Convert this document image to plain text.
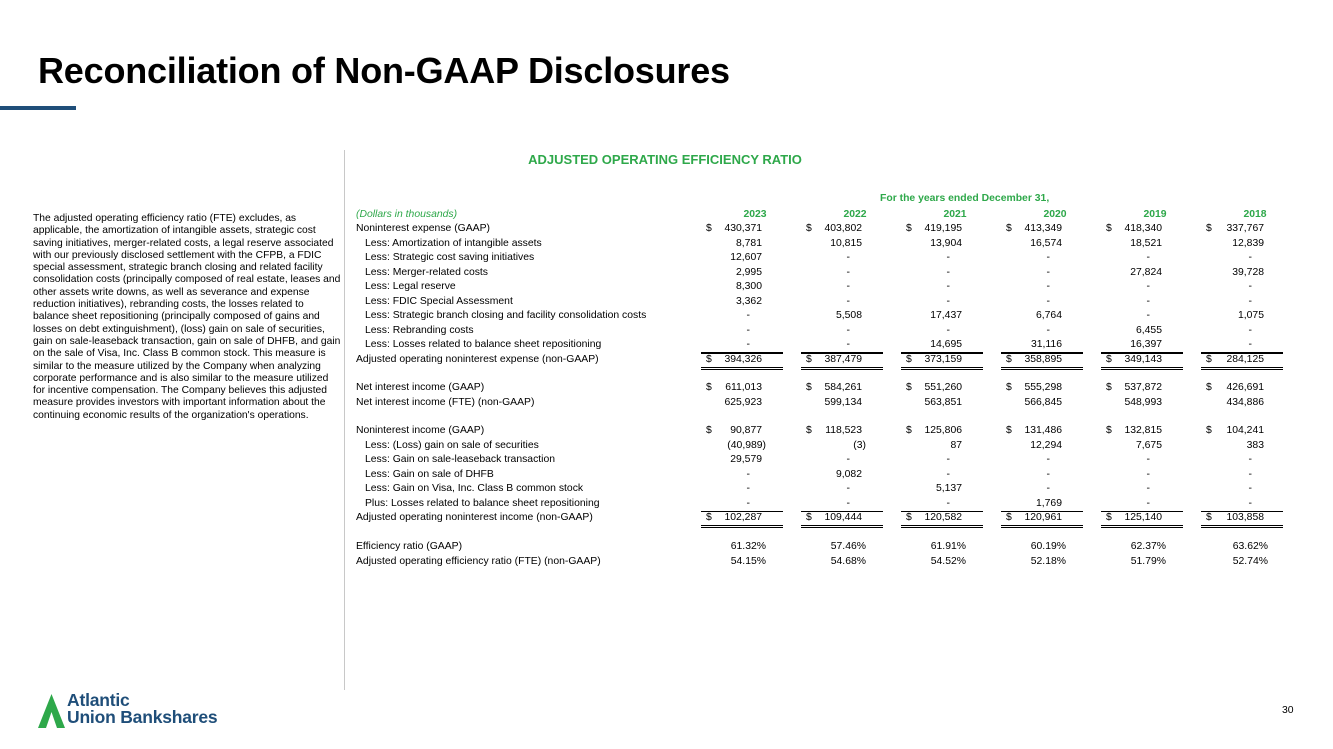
Reconciliation of Non-GAAP Disclosures
The adjusted operating efficiency ratio (FTE) excludes, as applicable, the amortization of intangible assets, strategic cost saving initiatives, merger-related costs, a legal reserve associated with our previously disclosed settlement with the CFPB, a FDIC special assessment, strategic branch closing and related facility consolidation costs (principally composed of real estate, leases and other assets write downs, as well as severance and expense reduction initiatives), rebranding costs, the losses related to balance sheet repositioning (principally composed of gains and losses on debt extinguishment), (loss) gain on sale of securities, gain on sale-leaseback transaction, gain on sale of DHFB, and gain on the sale of Visa, Inc. Class B common stock. This measure is similar to the measure utilized by the Company when analyzing corporate performance and is also similar to the measure utilized for incentive compensation. The Company believes this adjusted measure provides investors with important information about the continuing economic results of the organization's operations.
ADJUSTED OPERATING EFFICIENCY RATIO
For the years ended December 31,
(Dollars in thousands)	2023	2022	2021	2020	2019	2018
Noninterest expense (GAAP)	$	430,371	$	403,802	$	419,195	$	413,349	$	418,340	$	337,767
Less: Amortization of intangible assets	8,781	10,815	13,904	16,574	18,521	12,839
Less: Strategic cost saving initiatives	12,607	-	-	-	-	-
Less: Merger-related costs	2,995	-	-	-	27,824	39,728
Less: Legal reserve	8,300	-	-	-	-	-
Less: FDIC Special Assessment	3,362	-	-	-	-	-
Less: Strategic branch closing and facility consolidation costs	-	5,508	17,437	6,764	-	1,075
Less: Rebranding costs	-	-	-	-	6,455	-
Less: Losses related to balance sheet repositioning	-	-	14,695	31,116	16,397	-
Adjusted operating noninterest expense (non-GAAP)	$	394,326	$	387,479	$	373,159	$	358,895	$	349,143	$	284,125
Net interest income (GAAP)	$	611,013	$	584,261	$	551,260	$	555,298	$	537,872	$	426,691
Net interest income (FTE) (non-GAAP)	625,923	599,134	563,851	566,845	548,993	434,886
Noninterest income (GAAP)	$	90,877	$	118,523	$	125,806	$	131,486	$	132,815	$	104,241
Less: (Loss) gain on sale of securities	(40,989)	(3)	87	12,294	7,675	383
Less: Gain on sale-leaseback transaction	29,579	-	-	-	-	-
Less: Gain on sale of DHFB	-	9,082	-	-	-	-
Less: Gain on Visa, Inc. Class B common stock	-	-	5,137	-	-	-
Plus: Losses related to balance sheet repositioning	-	-	-	1,769	-	-
Adjusted operating noninterest income (non-GAAP)	$	102,287	$	109,444	$	120,582	$	120,961	$	125,140	$	103,858
Efficiency ratio (GAAP)	61.32%	57.46%	61.91%	60.19%	62.37%	63.62%
Adjusted operating efficiency ratio (FTE) (non-GAAP)	54.15%	54.68%	54.52%	52.18%	51.79%	52.74%
Atlantic
Union Bankshares	30
